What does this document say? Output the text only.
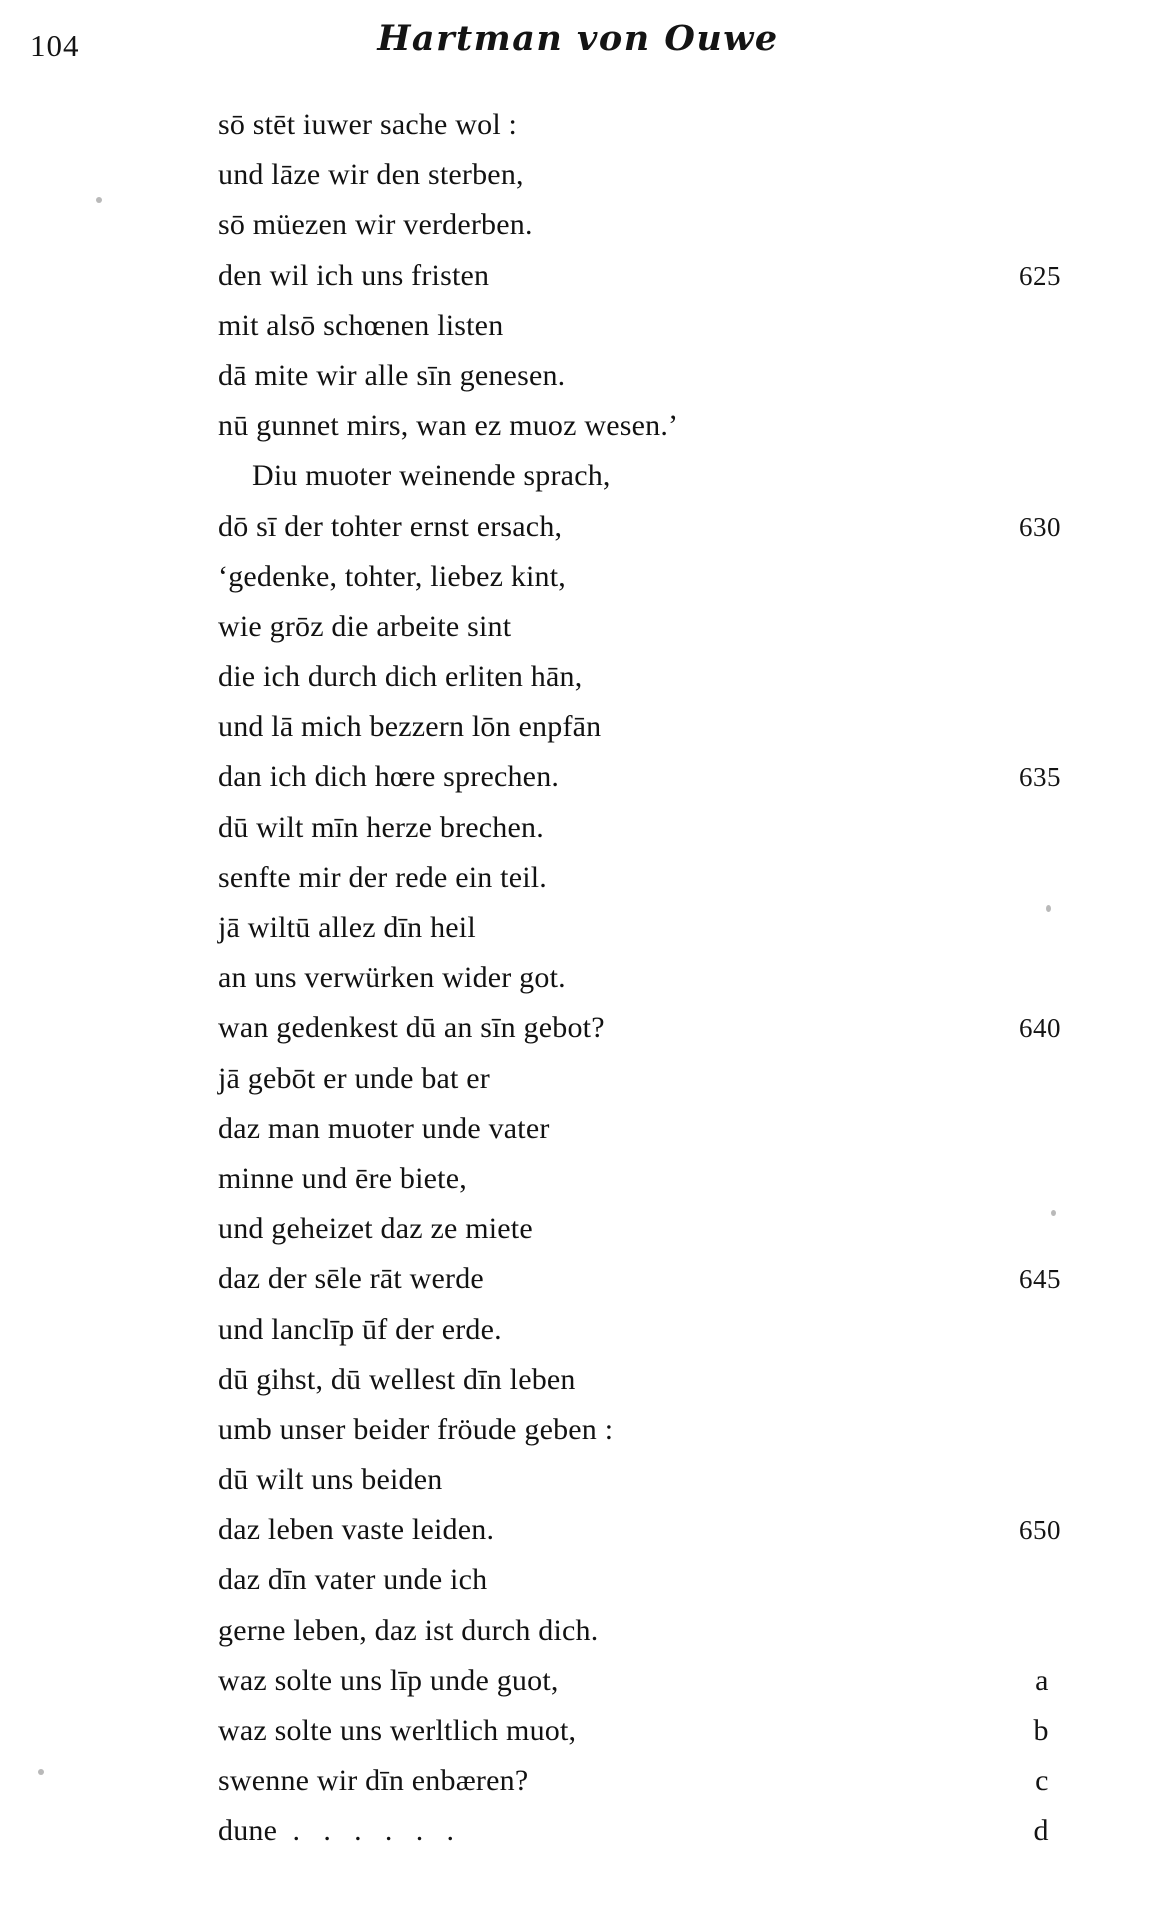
104	Hartman von Ouwe
sō stēt iuwer sache wol :
und lāze wir den sterben,
sō müezen wir verderben.
den wil ich uns fristen	625
mit alsō schœnen listen
dā mite wir alle sīn genesen.
nū gunnet mirs, wan ez muoz wesen.’
Diu muoter weinende sprach,
dō sī der tohter ernst ersach,	630
‘gedenke, tohter, liebez kint,
wie grōz die arbeite sint
die ich durch dich erliten hān,
und lā mich bezzern lōn enpfān
dan ich dich hœre sprechen.	635
dū wilt mīn herze brechen.
senfte mir der rede ein teil.
jā wiltū allez dīn heil
an uns verwürken wider got.
wan gedenkest dū an sīn gebot?	640
jā gebōt er unde bat er
daz man muoter unde vater
minne und ēre biete,
und geheizet daz ze miete
daz der sēle rāt werde	645
und lanclīp ūf der erde.
dū gihst, dū wellest dīn leben
umb unser beider fröude geben :
dū wilt uns beiden
daz leben vaste leiden.	650
daz dīn vater unde ich
gerne leben, daz ist durch dich.
waz solte uns līp unde guot,	a
waz solte uns werltlich muot,	b
swenne wir dīn enbæren?	c
dune  .   .   .   .   .   .	d
